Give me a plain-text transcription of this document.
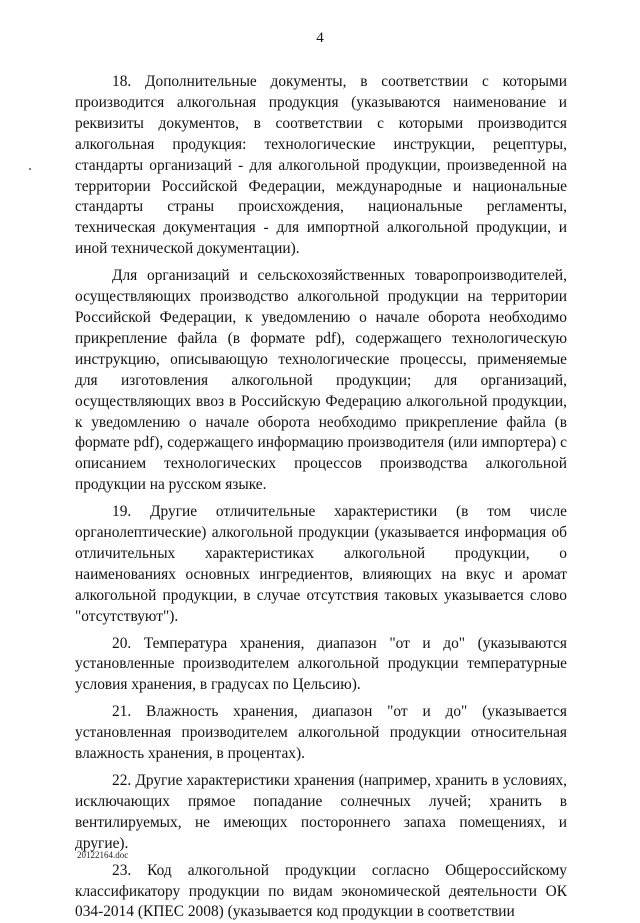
4

18. Дополнительные документы, в соответствии с которыми производится алкогольная продукция (указываются наименование и реквизиты документов, в соответствии с которыми производится алкогольная продукция: технологические инструкции, рецептуры, стандарты организаций - для алкогольной продукции, произведенной на территории Российской Федерации, международные и национальные стандарты страны происхождения, национальные регламенты, техническая документация - для импортной алкогольной продукции, и иной технической документации).

Для организаций и сельскохозяйственных товаропроизводителей, осуществляющих производство алкогольной продукции на территории Российской Федерации, к уведомлению о начале оборота необходимо прикрепление файла (в формате pdf), содержащего технологическую инструкцию, описывающую технологические процессы, применяемые для изготовления алкогольной продукции; для организаций, осуществляющих ввоз в Российскую Федерацию алкогольной продукции, к уведомлению о начале оборота необходимо прикрепление файла (в формате pdf), содержащего информацию производителя (или импортера) с описанием технологических процессов производства алкогольной продукции на русском языке.

19. Другие отличительные характеристики (в том числе органолептические) алкогольной продукции (указывается информация об отличительных характеристиках алкогольной продукции, о наименованиях основных ингредиентов, влияющих на вкус и аромат алкогольной продукции, в случае отсутствия таковых указывается слово "отсутствуют").

20. Температура хранения, диапазон "от и до" (указываются установленные производителем алкогольной продукции температурные условия хранения, в градусах по Цельсию).

21. Влажность хранения, диапазон "от и до" (указывается установленная производителем алкогольной продукции относительная влажность хранения, в процентах).

22. Другие характеристики хранения (например, хранить в условиях, исключающих прямое попадание солнечных лучей; хранить в вентилируемых, не имеющих постороннего запаха помещениях, и другие).

23. Код алкогольной продукции согласно Общероссийскому классификатору продукции по видам экономической деятельности ОК 034-2014 (КПЕС 2008) (указывается код продукции в соответствии

20122164.doc
